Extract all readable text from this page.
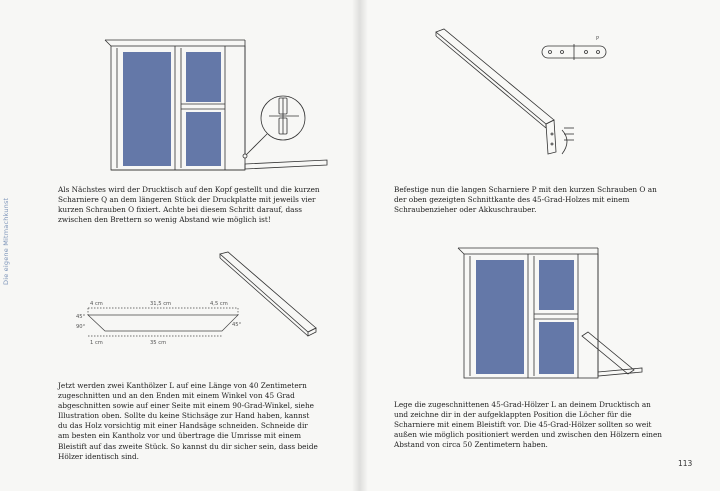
Die eigene Mitmachkunst

Als Nächstes wird der Drucktisch auf den Kopf gestellt und die kurzen Scharniere Q an dem längeren Stück der Druckplatte mit jeweils vier kurzen Schrauben O fixiert. Achte bei diesem Schritt darauf, dass zwischen den Brettern so wenig Abstand wie möglich ist!

4 cm	31,5 cm	4,5 cm
45°
90°	45°
1 cm	35 cm

Jetzt werden zwei Kanthölzer L auf eine Länge von 40 Zentimetern zugeschnitten und an den Enden mit einem Winkel von 45 Grad abgeschnitten sowie auf einer Seite mit einem 90-Grad-Winkel, siehe Illustration oben. Sollte du keine Stichsäge zur Hand haben, kannst du das Holz vorsichtig mit einer Handsäge schneiden. Schneide dir am besten ein Kantholz vor und übertrage die Umrisse mit einem Bleistift auf das zweite Stück. So kannst du dir sicher sein, dass beide Hölzer identisch sind.

P

Befestige nun die langen Scharniere P mit den kurzen Schrauben O an der oben gezeigten Schnittkante des 45-Grad-Holzes mit einem Schraubenzieher oder Akkuschrauber.

Lege die zugeschnittenen 45-Grad-Hölzer L an deinem Drucktisch an und zeichne dir in der aufgeklappten Position die Löcher für die Scharniere mit einem Bleistift vor. Die 45-Grad-Hölzer sollten so weit außen wie möglich positioniert werden und zwischen den Hölzern einen Abstand von circa 50 Zentimetern haben.

113
